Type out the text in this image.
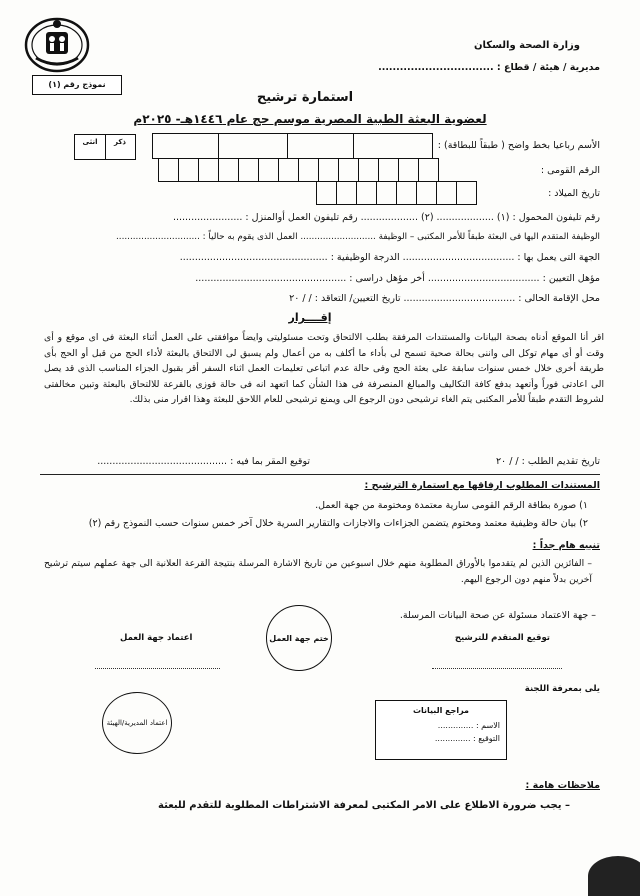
وزارة الصحة والسكان
مديرية / هيئة / قطاع : ................................
نموذج رقم (١)
استمارة ترشيح
لعضوية البعثة الطبية المصرية موسم حج عام ١٤٤٦هـ- ٢٠٢٥م
ذكر
انثى	الأسم رباعيا بخط واضح ( طبقاً للبطاقة) :
الرقم القومى :
تاريخ الميلاد :
رقم تليفون المحمول : (١) ................... (٢) ................... رقم تليفون العمل أوالمنزل : .......................
الوظيفة المتقدم اليها فى البعثة طبقاً للأمر المكتبى – الوظيفة ........................... العمل الذى يقوم به حالياً : ..............................
الجهة التى يعمل بها : ..................................... الدرجة الوظيفية : .................................................
مؤهل التعيين : ..................................... أخر مؤهل دراسى : ..................................................
محل الإقامة الحالى : ..................................... تاريخ التعيين/ التعاقد : / / ٢٠
إقــــرار
اقر أنا الموقع أدناه بصحة البيانات والمستندات المرفقة بطلب الالتحاق وتحت مسئوليتى وايضاً موافقتى على العمل أثناء البعثة فى اى موقع و أى وقت أو أى مهام توكل الى واننى بحالة صحية تسمح لى بأداء ما أكلف به من أعمال ولم يسبق لى الالتحاق بالبعثة لأداء الحج من قبل أو الحج بأى طريقة أخرى خلال خمس سنوات سابقة على بعثة الحج وفى حالة عدم اتباعى تعليمات العمل اثناء السفر أقر بقبول الجزاء المناسب الذى قد يصل الى اعادتى فوراً وأتعهد بدفع كافة التكاليف والمبالغ المنصرفة فى هذا الشأن كما اتعهد انه فى حالة فوزى بالقرعة للالتحاق بالبعثة وتبين مخالفتى لشروط التقدم طبقاً للأمر المكتبى يتم الغاء ترشيحى دون الرجوع الى ويمنع ترشيحى للعام اللاحق للبعثة وهذا اقرار منى بذلك.
تاريخ تقديم الطلب : / / ٢٠
توقيع المقر بما فيه : ...........................................
المستندات المطلوب ارفاقها مع استمارة الترشيح :
١) صورة بطاقة الرقم القومى سارية معتمدة ومختومة من جهة العمل.
٢) بيان حالة وظيفية معتمد ومختوم يتضمن الجزاءات والاجازات والتقارير السرية خلال آخر خمس سنوات حسب النموذج رقم (٢)
تنبيه هام جداً :
– الفائزين الذين لم يتقدموا بالأوراق المطلوبة منهم خلال اسبوعين من تاريخ الاشارة المرسلة بنتيجة القرعة العلانية الى جهة عملهم سيتم ترشيح آخرين بدلاً منهم دون الرجوع اليهم.
– جهة الاعتماد مسئولة عن صحة البيانات المرسلة.
توقيع المتقدم للترشيح
ختم جهة العمل
اعتماد جهة العمل
يلى بمعرفة اللجنة
اعتماد المديرية/الهيئة
مراجع البيانات
الاسم : ..............
التوقيع : ..............
ملاحظات هامة :
– يجب ضرورة الاطلاع على الامر المكتبى لمعرفة الاشتراطات المطلوبة للتقدم للبعثة
